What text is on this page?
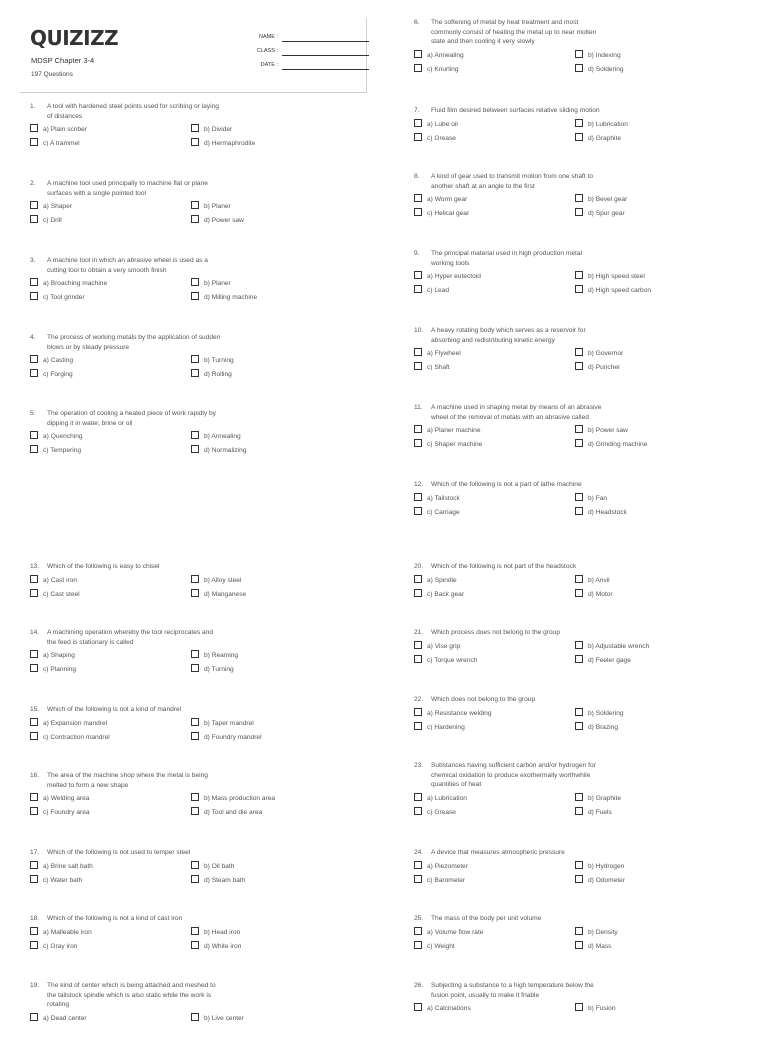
QUIZIZZ
MDSP Chapter 3-4
197 Questions
NAME :
CLASS :
DATE :
1. A tool with hardened steel points used for scribing or laying
of distances
a) Plain scriber	b) Divider
c) A trammel	d) Hermaphrodite
2. A machine tool used principally to machine flat or plane
surfaces with a single pointed tool
a) Shaper	b) Planer
c) Drill	d) Power saw
3. A machine tool in which an abrasive wheel is used as a
cutting tool to obtain a very smooth finish
a) Broaching machine	b) Planer
c) Tool grinder	d) Milling machine
4. The process of working metals by the application of sudden
blows or by steady pressure
a) Casting	b) Turning
c) Forging	d) Rolling
5. The operation of cooling a heated piece of work rapidly by
dipping it in water, brine or oil
a) Quenching	b) Annealing
c) Tempering	d) Normalizing
6. The softening of metal by heat treatment and most
commonly consist of heating the metal up to near molten
state and then cooling it very slowly
a) Annealing	b) Indexing
c) Knurling	d) Soldering
7. Fluid film desired between surfaces relative sliding motion
a) Lube oil	b) Lubrication
c) Grease	d) Graphite
8. A kind of gear used to transmit motion from one shaft to
another shaft at an angle to the first
a) Worm gear	b) Bevel gear
c) Helical gear	d) Spur gear
9. The principal material used in high production metal
working tools
a) Hyper eutectoid	b) High speed steel
c) Lead	d) High speed carbon
10. A heavy rotating body which serves as a reservoir for
absorbing and redistributing kinetic energy
a) Flywheel	b) Governor
c) Shaft	d) Puncher
11. A machine used in shaping metal by means of an abrasive
wheel of the removal of metals with an abrasive called
a) Planer machine	b) Power saw
c) Shaper machine	d) Grinding machine
12. Which of the following is not a part of lathe machine
a) Tailstock	b) Fan
c) Carriage	d) Headstock
13. Which of the following is easy to chisel
a) Cast iron	b) Alloy steel
c) Cast steel	d) Manganese
14. A machining operation whereby the tool reciprocates and
the feed is stationary is called
a) Shaping	b) Reaming
c) Planning	d) Turning
15. Which of the following is not a kind of mandrel
a) Expansion mandrel	b) Taper mandrel
c) Contraction mandrel	d) Foundry mandrel
16. The area of the machine shop where the metal is being
melted to form a new shape
a) Welding area	b) Mass production area
c) Foundry area	d) Tool and die area
17. Which of the following is not used to temper steel
a) Brine salt bath	b) Oil bath
c) Water bath	d) Steam bath
18. Which of the following is not a kind of cast iron
a) Malleable iron	b) Head iron
c) Gray iron	d) White iron
19. The kind of center which is being attached and meshed to
the tailstock spindle which is also static while the work is
rotating
a) Dead center	b) Live center
20. Which of the following is not part of the headstock
a) Spindle	b) Anvil
c) Back gear	d) Motor
21. Which process does not belong to the group
a) Vise grip	b) Adjustable wrench
c) Torque wrench	d) Feeler gage
22. Which does not belong to the group
a) Resistance welding	b) Soldering
c) Hardening	d) Brazing
23. Substances having sufficient carbon and/or hydrogen for
chemical oxidation to produce exothermally worthwhile
quantities of heat
a) Lubrication	b) Graphite
c) Grease	d) Fuels
24. A device that measures atmospheric pressure
a) Piezometer	b) Hydrogen
c) Barometer	d) Odometer
25. The mass of the body per unit volume
a) Volume flow rate	b) Density
c) Weight	d) Mass
26. Subjecting a substance to a high temperature below the
fusion point, usually to make it friable
a) Calcinations	b) Fusion
